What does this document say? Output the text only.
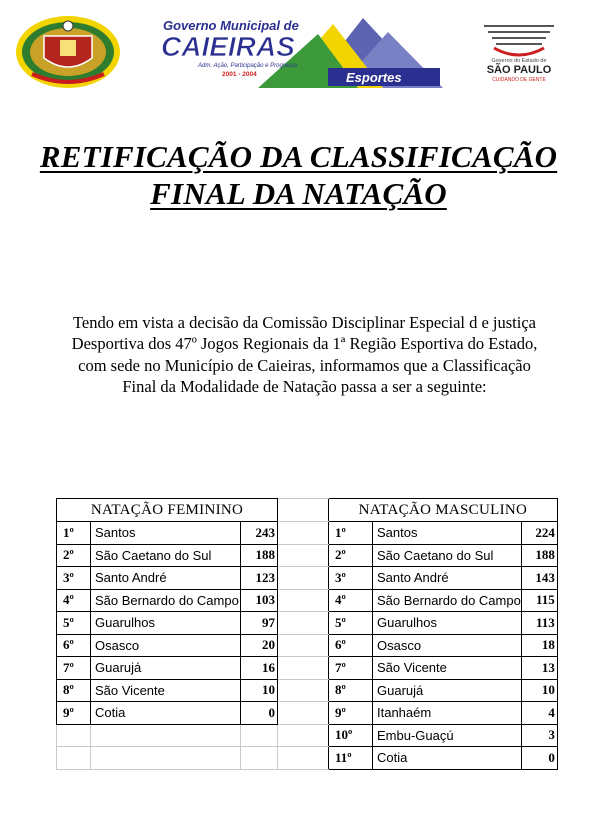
Governo Municipal de
CAIEIRAS
Adm. Ação, Participação e Progresso
2001 - 2004	Esportes
Governo do Estado de
SÃO PAULO
CUIDANDO DE GENTE
RETIFICAÇÃO DA CLASSIFICAÇÃO
FINAL DA NATAÇÃO
Tendo em vista a decisão da Comissão Disciplinar Especial d e justiça
Desportiva dos 47º Jogos Regionais da 1ª Região Esportiva do Estado,
com sede no Município de Caieiras, informamos que a Classificação
Final da Modalidade de Natação passa a ser a seguinte:
NATAÇÃO FEMININO				NATAÇÃO MASCULINO		
1º	Santos	243		1º	Santos	224
2º	São Caetano do Sul	188		2º	São Caetano do Sul	188
3º	Santo André	123		3º	Santo André	143
4º	São Bernardo do Campo	103		4º	São Bernardo do Campo	115
5º	Guarulhos	97		5º	Guarulhos	113
6º	Osasco	20		6º	Osasco	18
7º	Guarujá	16		7º	São Vicente	13
8º	São Vicente	10		8º	Guarujá	10
9º	Cotia	0		9º	Itanhaém	4
				10º	Embu-Guaçú	3
				11º	Cotia	0
